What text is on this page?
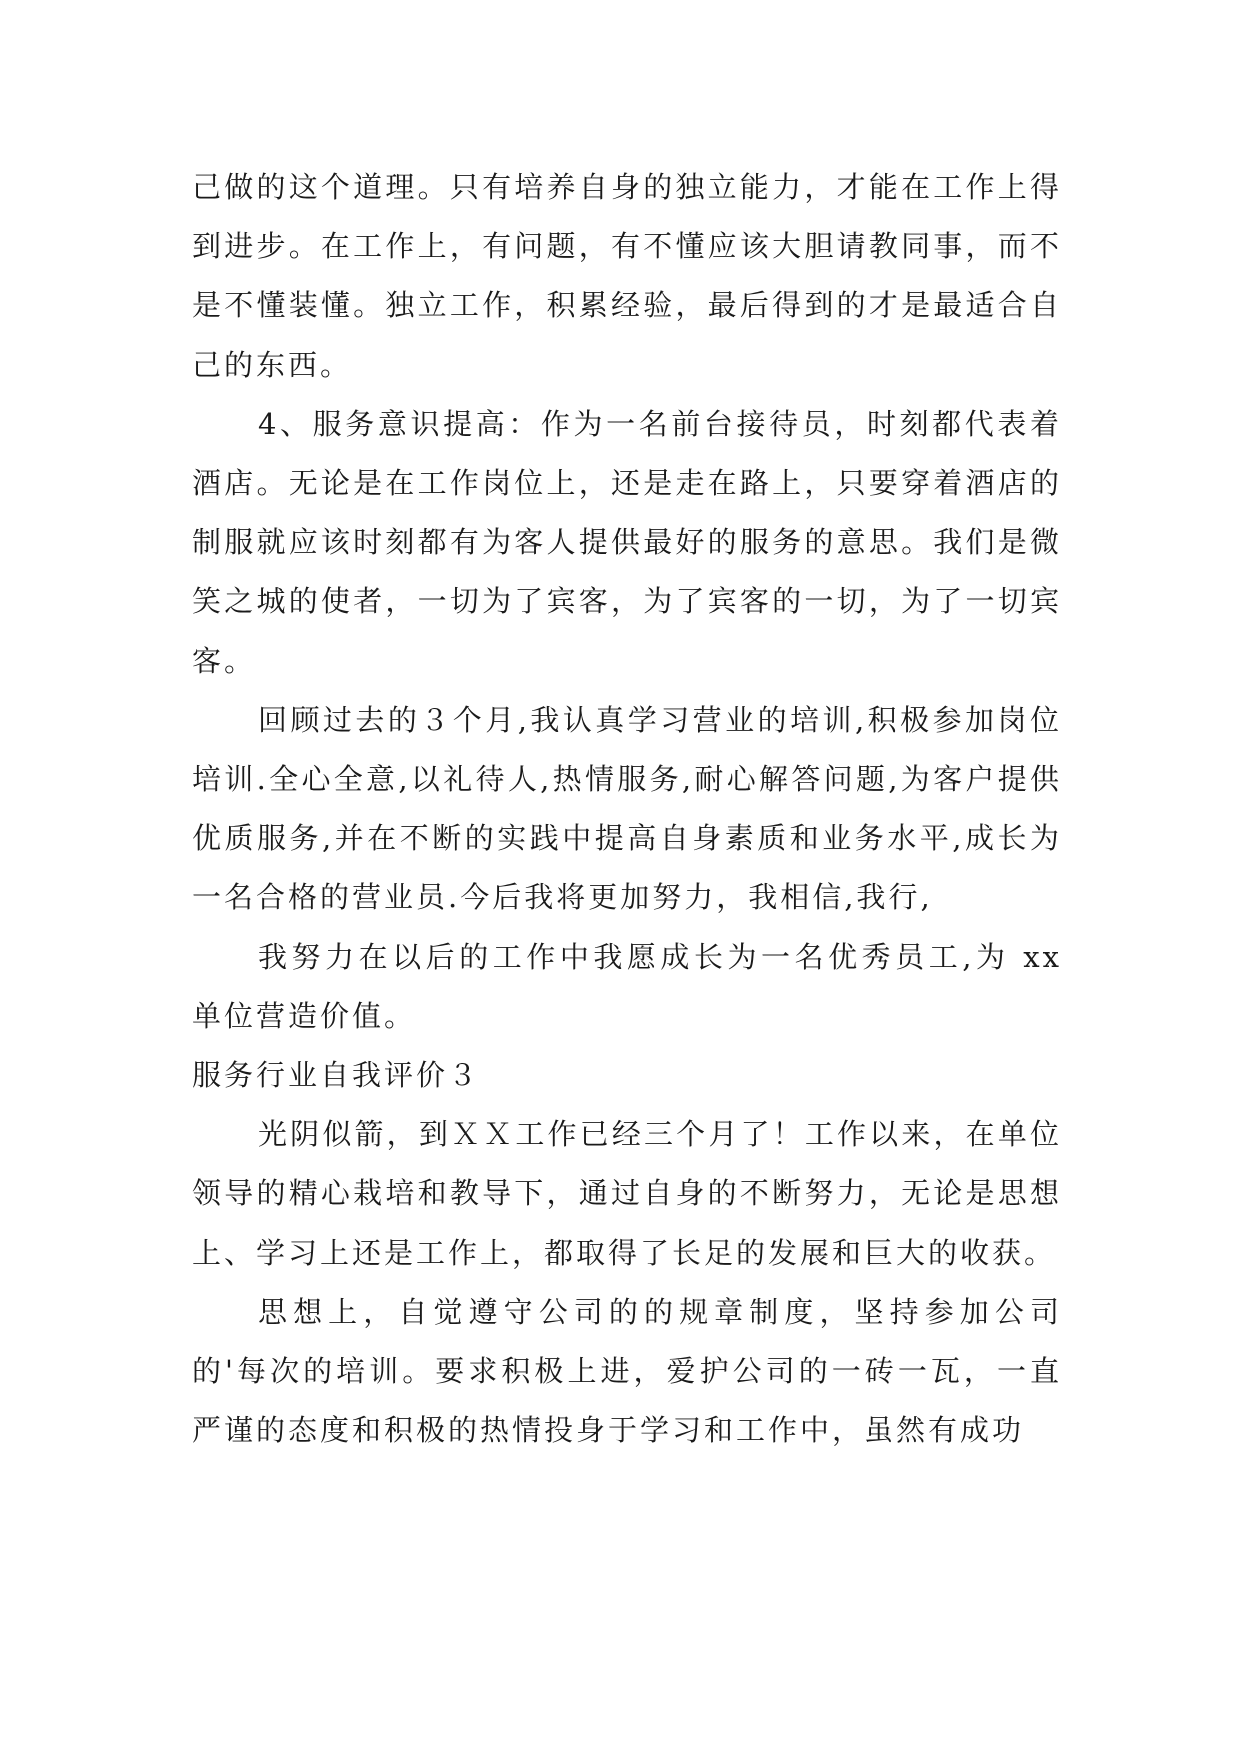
己做的这个道理。只有培养自身的独立能力，才能在工作上得到进步。在工作上，有问题，有不懂应该大胆请教同事，而不是不懂装懂。独立工作，积累经验，最后得到的才是最适合自己的东西。

4、服务意识提高：作为一名前台接待员，时刻都代表着酒店。无论是在工作岗位上，还是走在路上，只要穿着酒店的制服就应该时刻都有为客人提供最好的服务的意思。我们是微笑之城的使者，一切为了宾客，为了宾客的一切，为了一切宾客。

回顾过去的３个月,我认真学习营业的培训,积极参加岗位培训.全心全意,以礼待人,热情服务,耐心解答问题,为客户提供优质服务,并在不断的实践中提高自身素质和业务水平,成长为一名合格的营业员.今后我将更加努力，我相信,我行,

我努力在以后的工作中我愿成长为一名优秀员工,为 xx 单位营造价值。

服务行业自我评价３

光阴似箭，到ＸＸ工作已经三个月了！工作以来，在单位领导的精心栽培和教导下，通过自身的不断努力，无论是思想上、学习上还是工作上，都取得了长足的发展和巨大的收获。

思想上，自觉遵守公司的的规章制度，坚持参加公司的'每次的培训。要求积极上进，爱护公司的一砖一瓦，一直严谨的态度和积极的热情投身于学习和工作中，虽然有成功
